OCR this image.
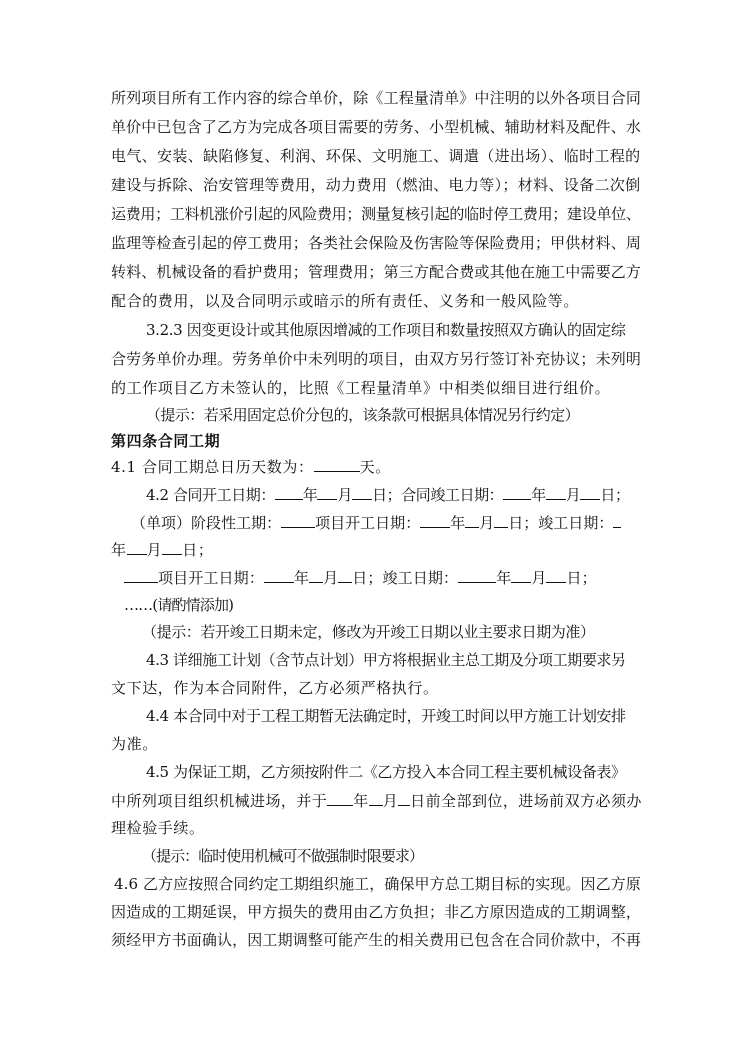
所列项目所有工作内容的综合单价，除《工程量清单》中注明的以外各项目合同
单价中已包含了乙方为完成各项目需要的劳务、小型机械、辅助材料及配件、水
电气、安装、缺陷修复、利润、环保、文明施工、调遣（进出场）、临时工程的
建设与拆除、治安管理等费用，动力费用（燃油、电力等）；材料、设备二次倒
运费用；工料机涨价引起的风险费用；测量复核引起的临时停工费用；建设单位、
监理等检查引起的停工费用；各类社会保险及伤害险等保险费用；甲供材料、周
转料、机械设备的看护费用；管理费用；第三方配合费或其他在施工中需要乙方
配合的费用，以及合同明示或暗示的所有责任、义务和一般风险等。
3.2.3 因变更设计或其他原因增减的工作项目和数量按照双方确认的固定综
合劳务单价办理。劳务单价中未列明的项目，由双方另行签订补充协议；未列明
的工作项目乙方未签认的，比照《工程量清单》中相类似细目进行组价。
（提示：若采用固定总价分包的，该条款可根据具体情况另行约定）
第四条合同工期
4.1 合同工期总日历天数为：	天。
4.2 合同开工日期： 年 月 日；合同竣工日期： 年 月 日；
（单项）阶段性工期： 项目开工日期： 年 月 日；竣工日期：
年 月 日；
项目开工日期： 年 月 日；竣工日期：	年 月 日；
……(请酌情添加)
（提示：若开竣工日期未定，修改为开竣工日期以业主要求日期为准）
4.3 详细施工计划（含节点计划）甲方将根据业主总工期及分项工期要求另
文下达，作为本合同附件，乙方必须严格执行。
4.4 本合同中对于工程工期暂无法确定时，开竣工时间以甲方施工计划安排
为准。
4.5 为保证工期，乙方须按附件二《乙方投入本合同工程主要机械设备表》
中所列项目组织机械进场，并于 年 月 日前全部到位，进场前双方必须办
理检验手续。
（提示：临时使用机械可不做强制时限要求）
4.6 乙方应按照合同约定工期组织施工，确保甲方总工期目标的实现。因乙方原
因造成的工期延误，甲方损失的费用由乙方负担；非乙方原因造成的工期调整，
须经甲方书面确认，因工期调整可能产生的相关费用已包含在合同价款中，不再
